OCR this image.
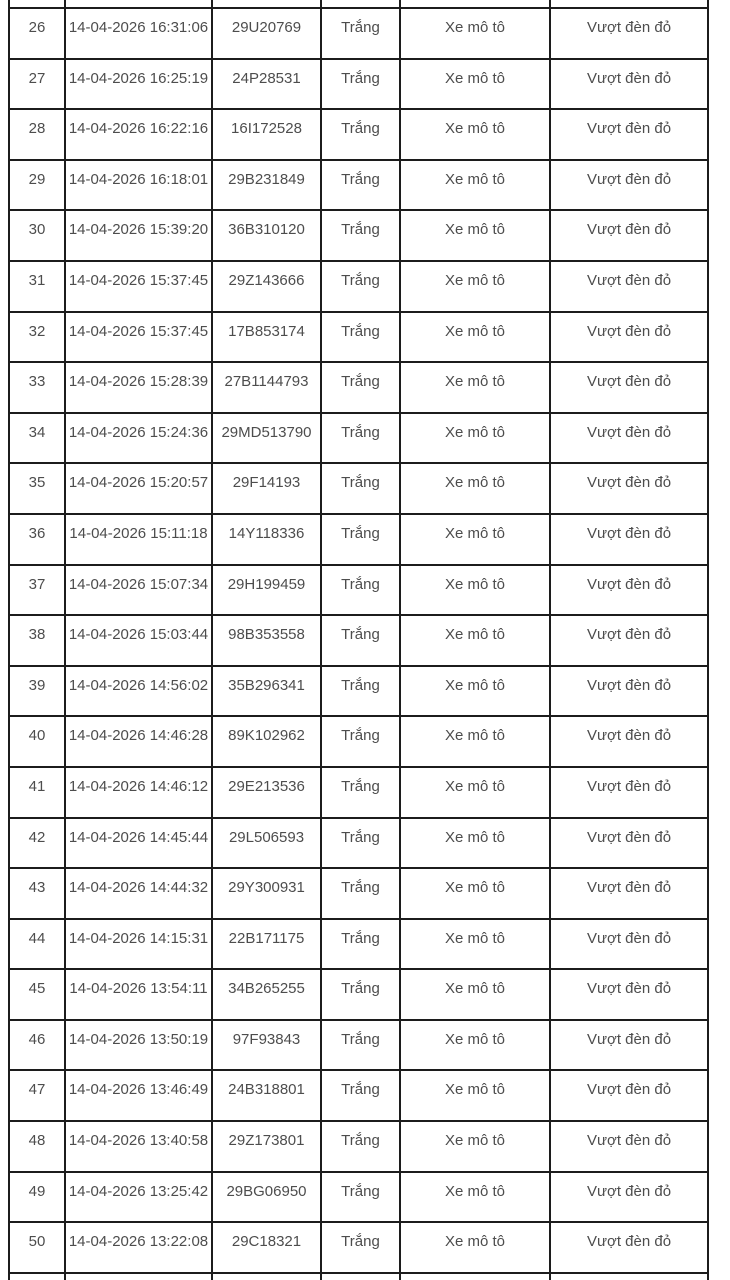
26	14-04-2026 16:31:06	29U20769	Trắng	Xe mô tô	Vượt đèn đỏ
27	14-04-2026 16:25:19	24P28531	Trắng	Xe mô tô	Vượt đèn đỏ
28	14-04-2026 16:22:16	16I172528	Trắng	Xe mô tô	Vượt đèn đỏ
29	14-04-2026 16:18:01	29B231849	Trắng	Xe mô tô	Vượt đèn đỏ
30	14-04-2026 15:39:20	36B310120	Trắng	Xe mô tô	Vượt đèn đỏ
31	14-04-2026 15:37:45	29Z143666	Trắng	Xe mô tô	Vượt đèn đỏ
32	14-04-2026 15:37:45	17B853174	Trắng	Xe mô tô	Vượt đèn đỏ
33	14-04-2026 15:28:39	27B1144793	Trắng	Xe mô tô	Vượt đèn đỏ
34	14-04-2026 15:24:36	29MD513790	Trắng	Xe mô tô	Vượt đèn đỏ
35	14-04-2026 15:20:57	29F14193	Trắng	Xe mô tô	Vượt đèn đỏ
36	14-04-2026 15:11:18	14Y118336	Trắng	Xe mô tô	Vượt đèn đỏ
37	14-04-2026 15:07:34	29H199459	Trắng	Xe mô tô	Vượt đèn đỏ
38	14-04-2026 15:03:44	98B353558	Trắng	Xe mô tô	Vượt đèn đỏ
39	14-04-2026 14:56:02	35B296341	Trắng	Xe mô tô	Vượt đèn đỏ
40	14-04-2026 14:46:28	89K102962	Trắng	Xe mô tô	Vượt đèn đỏ
41	14-04-2026 14:46:12	29E213536	Trắng	Xe mô tô	Vượt đèn đỏ
42	14-04-2026 14:45:44	29L506593	Trắng	Xe mô tô	Vượt đèn đỏ
43	14-04-2026 14:44:32	29Y300931	Trắng	Xe mô tô	Vượt đèn đỏ
44	14-04-2026 14:15:31	22B171175	Trắng	Xe mô tô	Vượt đèn đỏ
45	14-04-2026 13:54:11	34B265255	Trắng	Xe mô tô	Vượt đèn đỏ
46	14-04-2026 13:50:19	97F93843	Trắng	Xe mô tô	Vượt đèn đỏ
47	14-04-2026 13:46:49	24B318801	Trắng	Xe mô tô	Vượt đèn đỏ
48	14-04-2026 13:40:58	29Z173801	Trắng	Xe mô tô	Vượt đèn đỏ
49	14-04-2026 13:25:42	29BG06950	Trắng	Xe mô tô	Vượt đèn đỏ
50	14-04-2026 13:22:08	29C18321	Trắng	Xe mô tô	Vượt đèn đỏ
